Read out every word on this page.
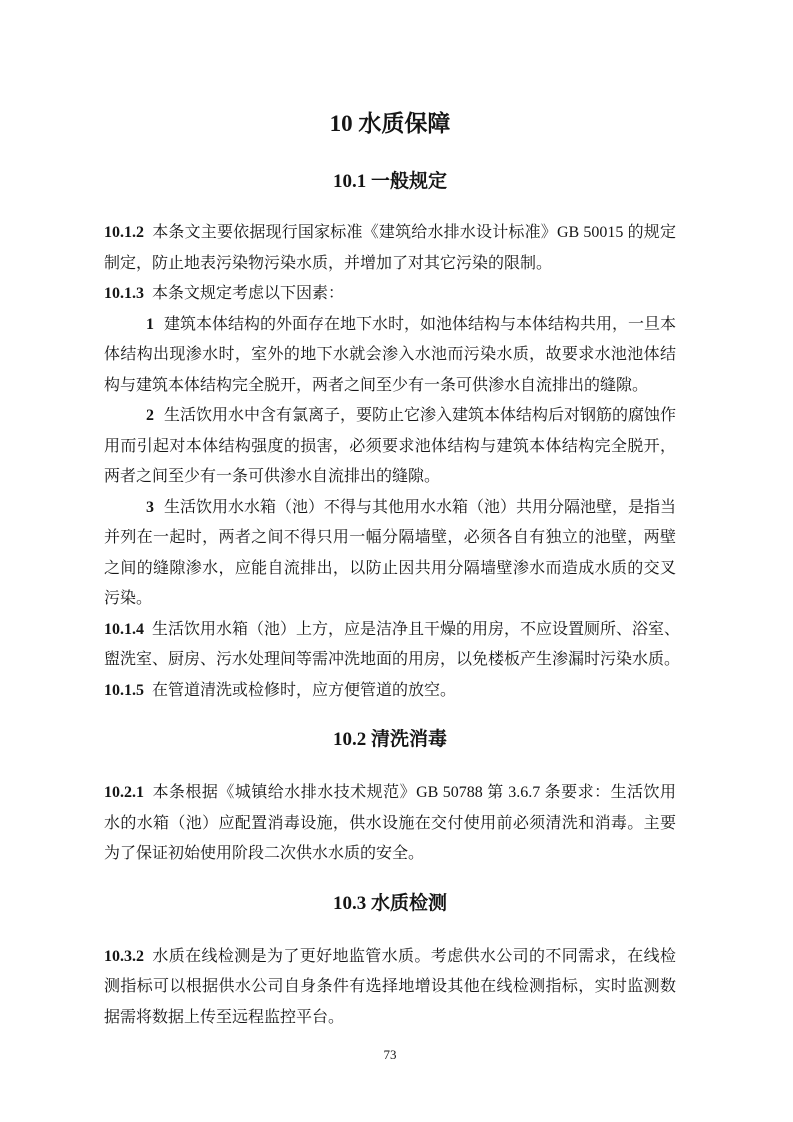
10 水质保障
10.1 一般规定
10.1.2 本条文主要依据现行国家标准《建筑给水排水设计标准》GB 50015 的规定
制定，防止地表污染物污染水质，并增加了对其它污染的限制。
10.1.3 本条文规定考虑以下因素：
1 建筑本体结构的外面存在地下水时，如池体结构与本体结构共用，一旦本
体结构出现渗水时，室外的地下水就会渗入水池而污染水质，故要求水池池体结
构与建筑本体结构完全脱开，两者之间至少有一条可供渗水自流排出的缝隙。
2 生活饮用水中含有氯离子，要防止它渗入建筑本体结构后对钢筋的腐蚀作
用而引起对本体结构强度的损害，必须要求池体结构与建筑本体结构完全脱开，
两者之间至少有一条可供渗水自流排出的缝隙。
3 生活饮用水水箱（池）不得与其他用水水箱（池）共用分隔池壁，是指当
并列在一起时，两者之间不得只用一幅分隔墙壁，必须各自有独立的池壁，两壁
之间的缝隙渗水，应能自流排出，以防止因共用分隔墙壁渗水而造成水质的交叉
污染。
10.1.4 生活饮用水箱（池）上方，应是洁净且干燥的用房，不应设置厕所、浴室、
盥洗室、厨房、污水处理间等需冲洗地面的用房，以免楼板产生渗漏时污染水质。
10.1.5 在管道清洗或检修时，应方便管道的放空。
10.2 清洗消毒
10.2.1 本条根据《城镇给水排水技术规范》GB 50788 第 3.6.7 条要求：生活饮用
水的水箱（池）应配置消毒设施，供水设施在交付使用前必须清洗和消毒。主要
为了保证初始使用阶段二次供水水质的安全。
10.3 水质检测
10.3.2 水质在线检测是为了更好地监管水质。考虑供水公司的不同需求，在线检
测指标可以根据供水公司自身条件有选择地增设其他在线检测指标，实时监测数
据需将数据上传至远程监控平台。
73
